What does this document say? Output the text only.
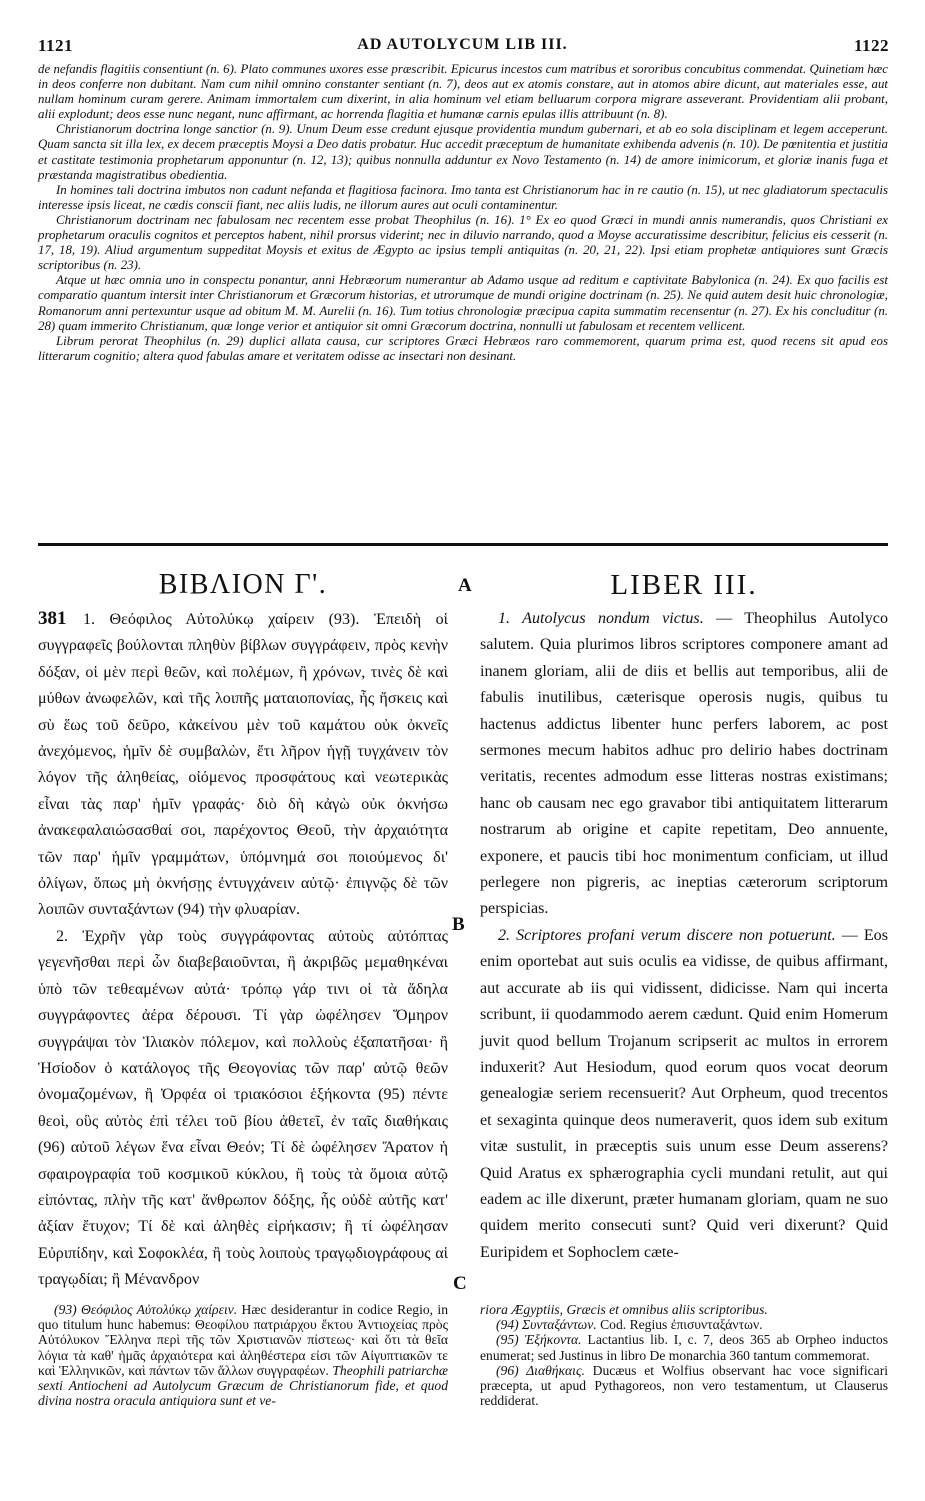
1121	AD AUTOLYCUM LIB III.	1122

de nefandis flagitiis consentiunt (n. 6). Plato communes uxores esse præscribit. Epicurus incestos cum matribus et sororibus concubitus commendat. Quinetiam hæc in deos conferre non dubitant. Nam cum nihil omnino constanter sentiant (n. 7), deos aut ex atomis constare, aut in atomos abire dicunt, aut materiales esse, aut nullam hominum curam gerere. Animam immortalem cum dixerint, in alia hominum vel etiam belluarum corpora migrare asseverant. Providentiam alii probant, alii explodunt; deos esse nunc negant, nunc affirmant, ac horrenda flagitia et humanæ carnis epulas illis attribuunt (n. 8).

Christianorum doctrina longe sanctior (n. 9). Unum Deum esse credunt ejusque providentia mundum gubernari, et ab eo sola disciplinam et legem acceperunt. Quam sancta sit illa lex, ex decem præceptis Moysi a Deo datis probatur. Huc accedit præceptum de humanitate exhibenda advenis (n. 10). De pœnitentia et justitia et castitate testimonia prophetarum apponuntur (n. 12, 13); quibus nonnulla adduntur ex Novo Testamento (n. 14) de amore inimicorum, et gloriæ inanis fuga et præstanda magistratibus obedientia.

In homines tali doctrina imbutos non cadunt nefanda et flagitiosa facinora. Imo tanta est Christianorum hac in re cautio (n. 15), ut nec gladiatorum spectaculis interesse ipsis liceat, ne cædis conscii fiant, nec aliis ludis, ne illorum aures aut oculi contaminentur.

Christianorum doctrinam nec fabulosam nec recentem esse probat Theophilus (n. 16). 1° Ex eo quod Græci in mundi annis numerandis, quos Christiani ex prophetarum oraculis cognitos et perceptos habent, nihil prorsus viderint; nec in diluvio narrando, quod a Moyse accuratissime describitur, felicius eis cesserit (n. 17, 18, 19). Aliud argumentum suppeditat Moysis et exitus de Ægypto ac ipsius templi antiquitas (n. 20, 21, 22). Ipsi etiam prophetæ antiquiores sunt Græcis scriptoribus (n. 23).

Atque ut hæc omnia uno in conspectu ponantur, anni Hebræorum numerantur ab Adamo usque ad reditum e captivitate Babylonica (n. 24). Ex quo facilis est comparatio quantum intersit inter Christianorum et Græcorum historias, et utrorumque de mundi origine doctrinam (n. 25). Ne quid autem desit huic chronologiæ, Romanorum anni pertexuntur usque ad obitum M. M. Aurelii (n. 16). Tum totius chronologiæ præcipua capita summatim recensentur (n. 27). Ex his concluditur (n. 28) quam immerito Christianum, quæ longe verior et antiquior sit omni Græcorum doctrina, nonnulli ut fabulosam et recentem vellicent.

Librum perorat Theophilus (n. 29) duplici allata causa, cur scriptores Græci Hebræos raro commemorent, quarum prima est, quod recens sit apud eos litterarum cognitio; altera quod fabulas amare et veritatem odisse ac insectari non desinant.

A
B
C
ΒΙΒΛΙΟΝ Γ'.

381 1. Θεόφιλος Αὐτολύκῳ χαίρειν (93). Ἐπειδὴ οἱ συγγραφεῖς βούλονται πληθὺν βίβλων συγγράφειν, πρὸς κενὴν δόξαν, οἱ μὲν περὶ θεῶν, καὶ πολέμων, ἢ χρόνων, τινὲς δὲ καὶ μύθων ἀνωφελῶν, καὶ τῆς λοιπῆς ματαιοπονίας, ἧς ἤσκεις καὶ σὺ ἕως τοῦ δεῦρο, κἀκείνου μὲν τοῦ καμάτου οὐκ ὀκνεῖς ἀνεχόμενος, ἡμῖν δὲ συμβαλὼν, ἔτι λῆρον ἡγῇ τυγχάνειν τὸν λόγον τῆς ἀληθείας, οἰόμενος προσφάτους καὶ νεωτερικὰς εἶναι τὰς παρ' ἡμῖν γραφάς· διὸ δὴ κἀγὼ οὐκ ὀκνήσω ἀνακεφαλαιώσασθαί σοι, παρέχοντος Θεοῦ, τὴν ἀρχαιότητα τῶν παρ' ἡμῖν γραμμάτων, ὑπόμνημά σοι ποιούμενος δι' ὀλίγων, ὅπως μὴ ὀκνήσῃς ἐντυγχάνειν αὐτῷ· ἐπιγνῷς δὲ τῶν λοιπῶν συνταξάντων (94) τὴν φλυαρίαν.

2. Ἐχρῆν γὰρ τοὺς συγγράφοντας αὐτοὺς αὐτόπτας γεγενῆσθαι περὶ ὧν διαβεβαιοῦνται, ἢ ἀκριβῶς μεμαθηκέναι ὑπὸ τῶν τεθεαμένων αὐτά· τρόπῳ γάρ τινι οἱ τὰ ἄδηλα συγγράφοντες ἀέρα δέρουσι. Τί γὰρ ὠφέλησεν Ὅμηρον συγγράψαι τὸν Ἰλιακὸν πόλεμον, καὶ πολλοὺς ἐξαπατῆσαι· ἢ Ἡσίοδον ὁ κατάλογος τῆς Θεογονίας τῶν παρ' αὐτῷ θεῶν ὀνομαζομένων, ἢ Ὀρφέα οἱ τριακόσιοι ἑξήκοντα (95) πέντε θεοὶ, οὓς αὐτὸς ἐπὶ τέλει τοῦ βίου ἀθετεῖ, ἐν ταῖς διαθήκαις (96) αὐτοῦ λέγων ἕνα εἶναι Θεόν; Τί δὲ ὠφέλησεν Ἄρατον ἡ σφαιρογραφία τοῦ κοσμικοῦ κύκλου, ἢ τοὺς τὰ ὅμοια αὐτῷ εἰπόντας, πλὴν τῆς κατ' ἄνθρωπον δόξης, ἧς οὐδὲ αὐτῆς κατ' ἀξίαν ἔτυχον; Τί δὲ καὶ ἀληθὲς εἰρήκασιν; ἢ τί ὠφέλησαν Εὐριπίδην, καὶ Σοφοκλέα, ἢ τοὺς λοιποὺς τραγῳδιογράφους αἱ τραγῳδίαι; ἢ Μένανδρον

LIBER III.

1. Autolycus nondum victus. — Theophilus Autolyco salutem. Quia plurimos libros scriptores componere amant ad inanem gloriam, alii de diis et bellis aut temporibus, alii de fabulis inutilibus, cæterisque operosis nugis, quibus tu hactenus addictus libenter hunc perfers laborem, ac post sermones mecum habitos adhuc pro delirio habes doctrinam veritatis, recentes admodum esse litteras nostras existimans; hanc ob causam nec ego gravabor tibi antiquitatem litterarum nostrarum ab origine et capite repetitam, Deo annuente, exponere, et paucis tibi hoc monimentum conficiam, ut illud perlegere non pigreris, ac ineptias cæterorum scriptorum perspicias.

2. Scriptores profani verum discere non potuerunt. — Eos enim oportebat aut suis oculis ea vidisse, de quibus affirmant, aut accurate ab iis qui vidissent, didicisse. Nam qui incerta scribunt, ii quodammodo aerem cædunt. Quid enim Homerum juvit quod bellum Trojanum scripserit ac multos in errorem induxerit? Aut Hesiodum, quod eorum quos vocat deorum genealogiæ seriem recensuerit? Aut Orpheum, quod trecentos et sexaginta quinque deos numeraverit, quos idem sub exitum vitæ sustulit, in præceptis suis unum esse Deum asserens? Quid Aratus ex sphærographia cycli mundani retulit, aut qui eadem ac ille dixerunt, præter humanam gloriam, quam ne suo quidem merito consecuti sunt? Quid veri dixerunt? Quid Euripidem et Sophoclem cæte-

(93) Θεόφιλος Αὐτολύκῳ χαίρειν. Hæc desiderantur in codice Regio, in quo titulum hunc habemus: Θεοφίλου πατριάρχου ἕκτου Ἀντιοχείας πρὸς Αὐτόλυκον Ἕλληνα περὶ τῆς τῶν Χριστιανῶν πίστεως· καὶ ὅτι τὰ θεῖα λόγια τὰ καθ' ἡμᾶς ἀρχαιότερα καὶ ἀληθέστερα εἰσι τῶν Αἰγυπτιακῶν τε καὶ Ἑλληνικῶν, καὶ πάντων τῶν ἄλλων συγγραφέων. Theophili patriarchæ sexti Antiocheni ad Autolycum Græcum de Christianorum fide, et quod divina nostra oracula antiquiora sunt et ve-

riora Ægyptiis, Græcis et omnibus aliis scriptoribus.

(94) Συνταξάντων. Cod. Regius ἐπισυνταξάντων.

(95) Ἑξήκοντα. Lactantius lib. I, c. 7, deos 365 ab Orpheo inductos enumerat; sed Justinus in libro De monarchia 360 tantum commemorat.

(96) Διαθήκαις. Ducæus et Wolfius observant hac voce significari præcepta, ut apud Pythagoreos, non vero testamentum, ut Clauserus reddiderat.
